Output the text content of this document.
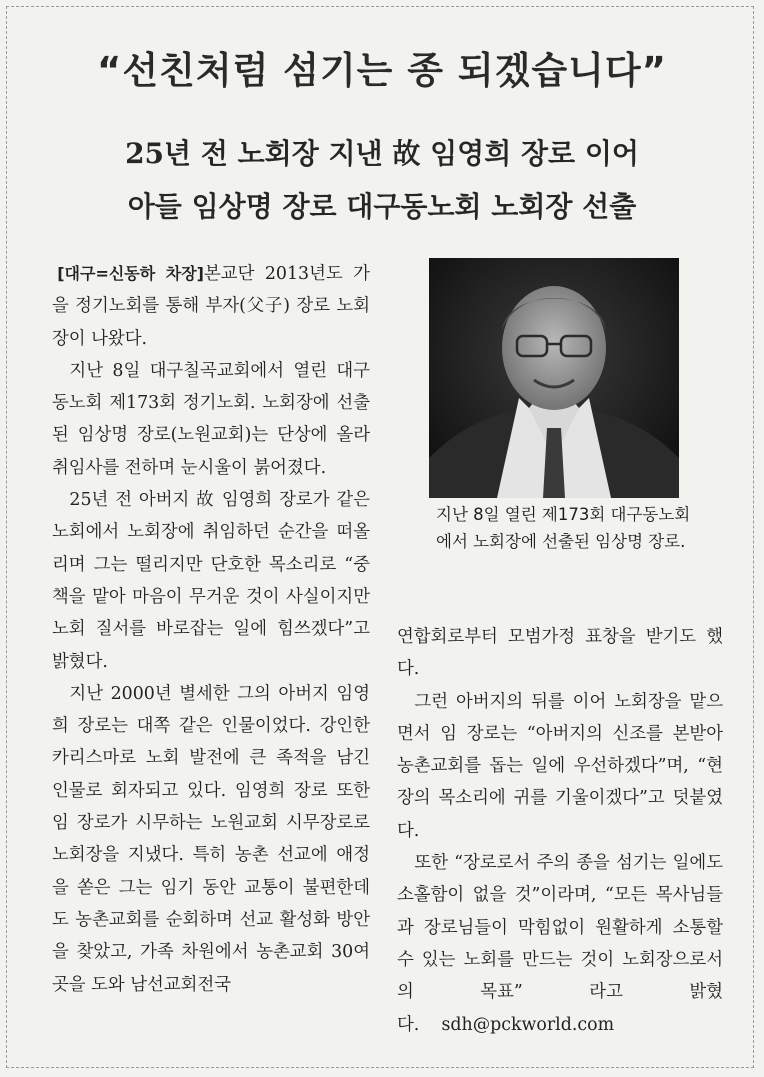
“선친처럼 섬기는 종 되겠습니다”
25년 전 노회장 지낸 故 임영희 장로 이어
아들 임상명 장로 대구동노회 노회장 선출

[대구=신동하 차장]본교단 2013년도 가을 정기노회를 통해 부자(父子) 장로 노회장이 나왔다.

지난 8일 대구칠곡교회에서 열린 대구동노회 제173회 정기노회. 노회장에 선출된 임상명 장로(노원교회)는 단상에 올라 취임사를 전하며 눈시울이 붉어졌다.

25년 전 아버지 故 임영희 장로가 같은 노회에서 노회장에 취임하던 순간을 떠올리며 그는 떨리지만 단호한 목소리로 “중책을 맡아 마음이 무거운 것이 사실이지만 노회 질서를 바로잡는 일에 힘쓰겠다”고 밝혔다.

지난 2000년 별세한 그의 아버지 임영희 장로는 대쪽 같은 인물이었다. 강인한 카리스마로 노회 발전에 큰 족적을 남긴 인물로 회자되고 있다. 임영희 장로 또한 임 장로가 시무하는 노원교회 시무장로로 노회장을 지냈다. 특히 농촌 선교에 애정을 쏟은 그는 임기 동안 교통이 불편한데도 농촌교회를 순회하며 선교 활성화 방안을 찾았고, 가족 차원에서 농촌교회 30여 곳을 도와 남선교회전국

지난 8일 열린 제173회 대구동노회에서 노회장에 선출된 임상명 장로.

연합회로부터 모범가정 표창을 받기도 했다.

그런 아버지의 뒤를 이어 노회장을 맡으면서 임 장로는 “아버지의 신조를 본받아 농촌교회를 돕는 일에 우선하겠다”며, “현장의 목소리에 귀를 기울이겠다”고 덧붙였다.

또한 “장로로서 주의 종을 섬기는 일에도 소홀함이 없을 것”이라며, “모든 목사님들과 장로님들이 막힘없이 원활하게 소통할 수 있는 노회를 만드는 것이 노회장으로서의 목표” 라고 밝혔다. sdh@pckworld.com
